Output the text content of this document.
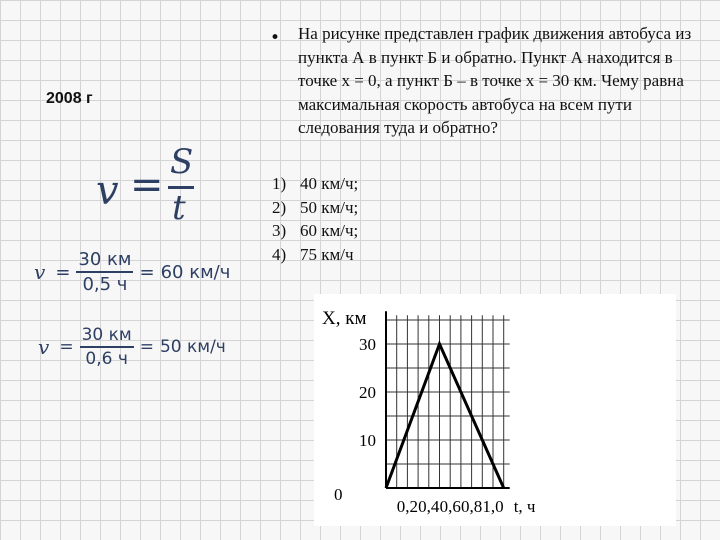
2008 г
v = S
t
$v = \frac{30 км}{0,5 ч} = 60$ км/ч
$v = \frac{30 км}{0,6 ч} = 50$ км/ч
• На рисунке представлен график движения автобуса из пункта А в пункт Б и обратно. Пункт А находится в точке x = 0, а пункт Б – в точке x = 30 км. Чему равна максимальная скорость автобуса на всем пути следования туда и обратно?
1) 40 км/ч;
2) 50 км/ч;
3) 60 км/ч;
4) 75 км/ч
10
20
30
0,2 0,4 0,6 0,8 1,0
0
X, км
t, ч
